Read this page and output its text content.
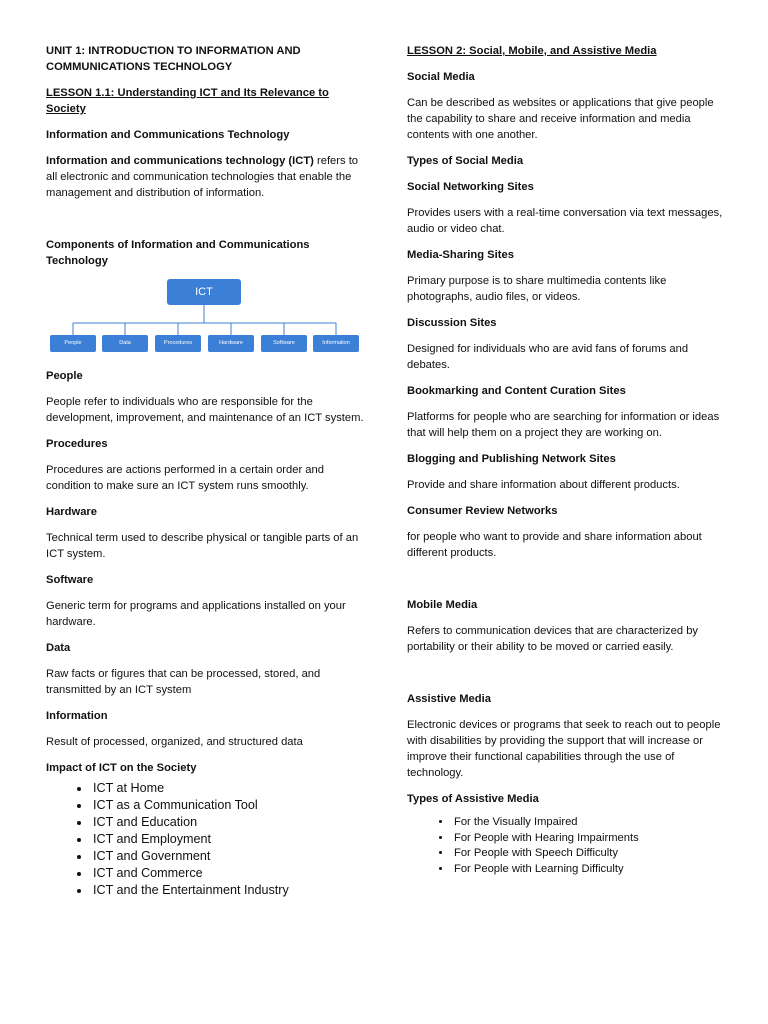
UNIT 1: INTRODUCTION TO INFORMATION AND COMMUNICATIONS TECHNOLOGY
LESSON 1.1: Understanding ICT and Its Relevance to Society
Information and Communications Technology

Information and communications technology (ICT) refers to all electronic and communication technologies that enable the management and distribution of information.

Components of Information and Communications Technology
ICT
People	Data	Procedures	Hardware	Software	Information
People

People refer to individuals who are responsible for the development, improvement, and maintenance of an ICT system.

Procedures

Procedures are actions performed in a certain order and condition to make sure an ICT system runs smoothly.

Hardware

Technical term used to describe physical or tangible parts of an ICT system.

Software

Generic term for programs and applications installed on your hardware.

Data

Raw facts or figures that can be processed, stored, and transmitted by an ICT system

Information

Result of processed, organized, and structured data

Impact of ICT on the Society
• ICT at Home
• ICT as a Communication Tool
• ICT and Education
• ICT and Employment
• ICT and Government
• ICT and Commerce
• ICT and the Entertainment Industry
LESSON 2: Social, Mobile, and Assistive Media
Social Media

Can be described as websites or applications that give people the capability to share and receive information and media contents with one another.

Types of Social Media
Social Networking Sites

Provides users with a real-time conversation via text messages, audio or video chat.

Media-Sharing Sites

Primary purpose is to share multimedia contents like photographs, audio files, or videos.

Discussion Sites

Designed for individuals who are avid fans of forums and debates.

Bookmarking and Content Curation Sites

Platforms for people who are searching for information or ideas that will help them on a project they are working on.

Blogging and Publishing Network Sites

Provide and share information about different products.

Consumer Review Networks

for people who want to provide and share information about different products.

Mobile Media

Refers to communication devices that are characterized by portability or their ability to be moved or carried easily.

Assistive Media

Electronic devices or programs that seek to reach out to people with disabilities by providing the support that will increase or improve their functional capabilities through the use of technology.

Types of Assistive Media
• For the Visually Impaired
• For People with Hearing Impairments
• For People with Speech Difficulty
• For People with Learning Difficulty
